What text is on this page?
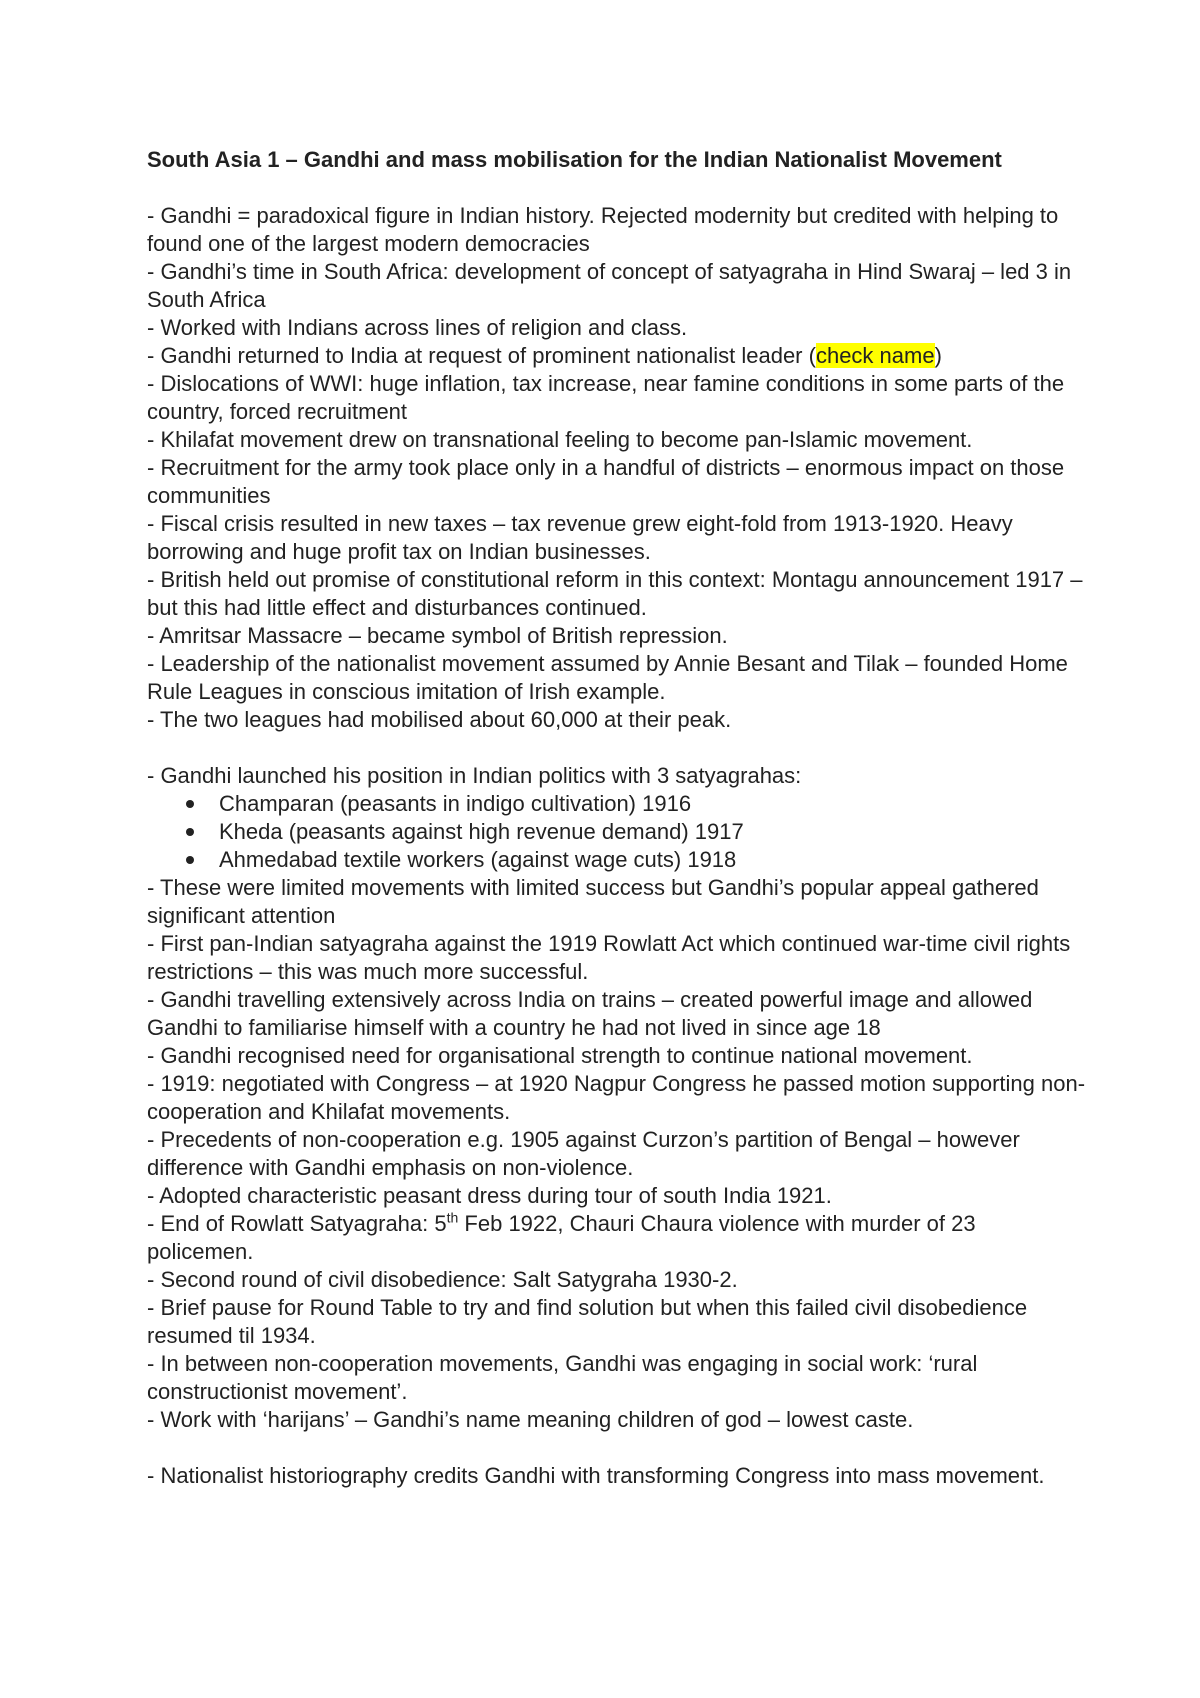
South Asia 1 – Gandhi and mass mobilisation for the Indian Nationalist Movement

- Gandhi = paradoxical figure in Indian history. Rejected modernity but credited with helping to found one of the largest modern democracies

- Gandhi’s time in South Africa: development of concept of satyagraha in Hind Swaraj – led 3 in South Africa

- Worked with Indians across lines of religion and class.

- Gandhi returned to India at request of prominent nationalist leader (check name)

- Dislocations of WWI: huge inflation, tax increase, near famine conditions in some parts of the country, forced recruitment

- Khilafat movement drew on transnational feeling to become pan-Islamic movement.

- Recruitment for the army took place only in a handful of districts – enormous impact on those communities

- Fiscal crisis resulted in new taxes – tax revenue grew eight-fold from 1913-1920. Heavy borrowing and huge profit tax on Indian businesses.

- British held out promise of constitutional reform in this context: Montagu announcement 1917 – but this had little effect and disturbances continued.

- Amritsar Massacre – became symbol of British repression.

- Leadership of the nationalist movement assumed by Annie Besant and Tilak – founded Home Rule Leagues in conscious imitation of Irish example.

- The two leagues had mobilised about 60,000 at their peak.

- Gandhi launched his position in Indian politics with 3 satyagrahas:

Champaran (peasants in indigo cultivation) 1916
Kheda (peasants against high revenue demand) 1917
Ahmedabad textile workers (against wage cuts) 1918

- These were limited movements with limited success but Gandhi’s popular appeal gathered significant attention

- First pan-Indian satyagraha against the 1919 Rowlatt Act which continued war-time civil rights restrictions – this was much more successful.

- Gandhi travelling extensively across India on trains – created powerful image and allowed Gandhi to familiarise himself with a country he had not lived in since age 18

- Gandhi recognised need for organisational strength to continue national movement.

- 1919: negotiated with Congress – at 1920 Nagpur Congress he passed motion supporting non-cooperation and Khilafat movements.

- Precedents of non-cooperation e.g. 1905 against Curzon’s partition of Bengal – however difference with Gandhi emphasis on non-violence.

- Adopted characteristic peasant dress during tour of south India 1921.

- End of Rowlatt Satyagraha: 5th Feb 1922, Chauri Chaura violence with murder of 23 policemen.

- Second round of civil disobedience: Salt Satygraha 1930-2.

- Brief pause for Round Table to try and find solution but when this failed civil disobedience resumed til 1934.

- In between non-cooperation movements, Gandhi was engaging in social work: ‘rural constructionist movement’.

- Work with ‘harijans’ – Gandhi’s name meaning children of god – lowest caste.

- Nationalist historiography credits Gandhi with transforming Congress into mass movement.
